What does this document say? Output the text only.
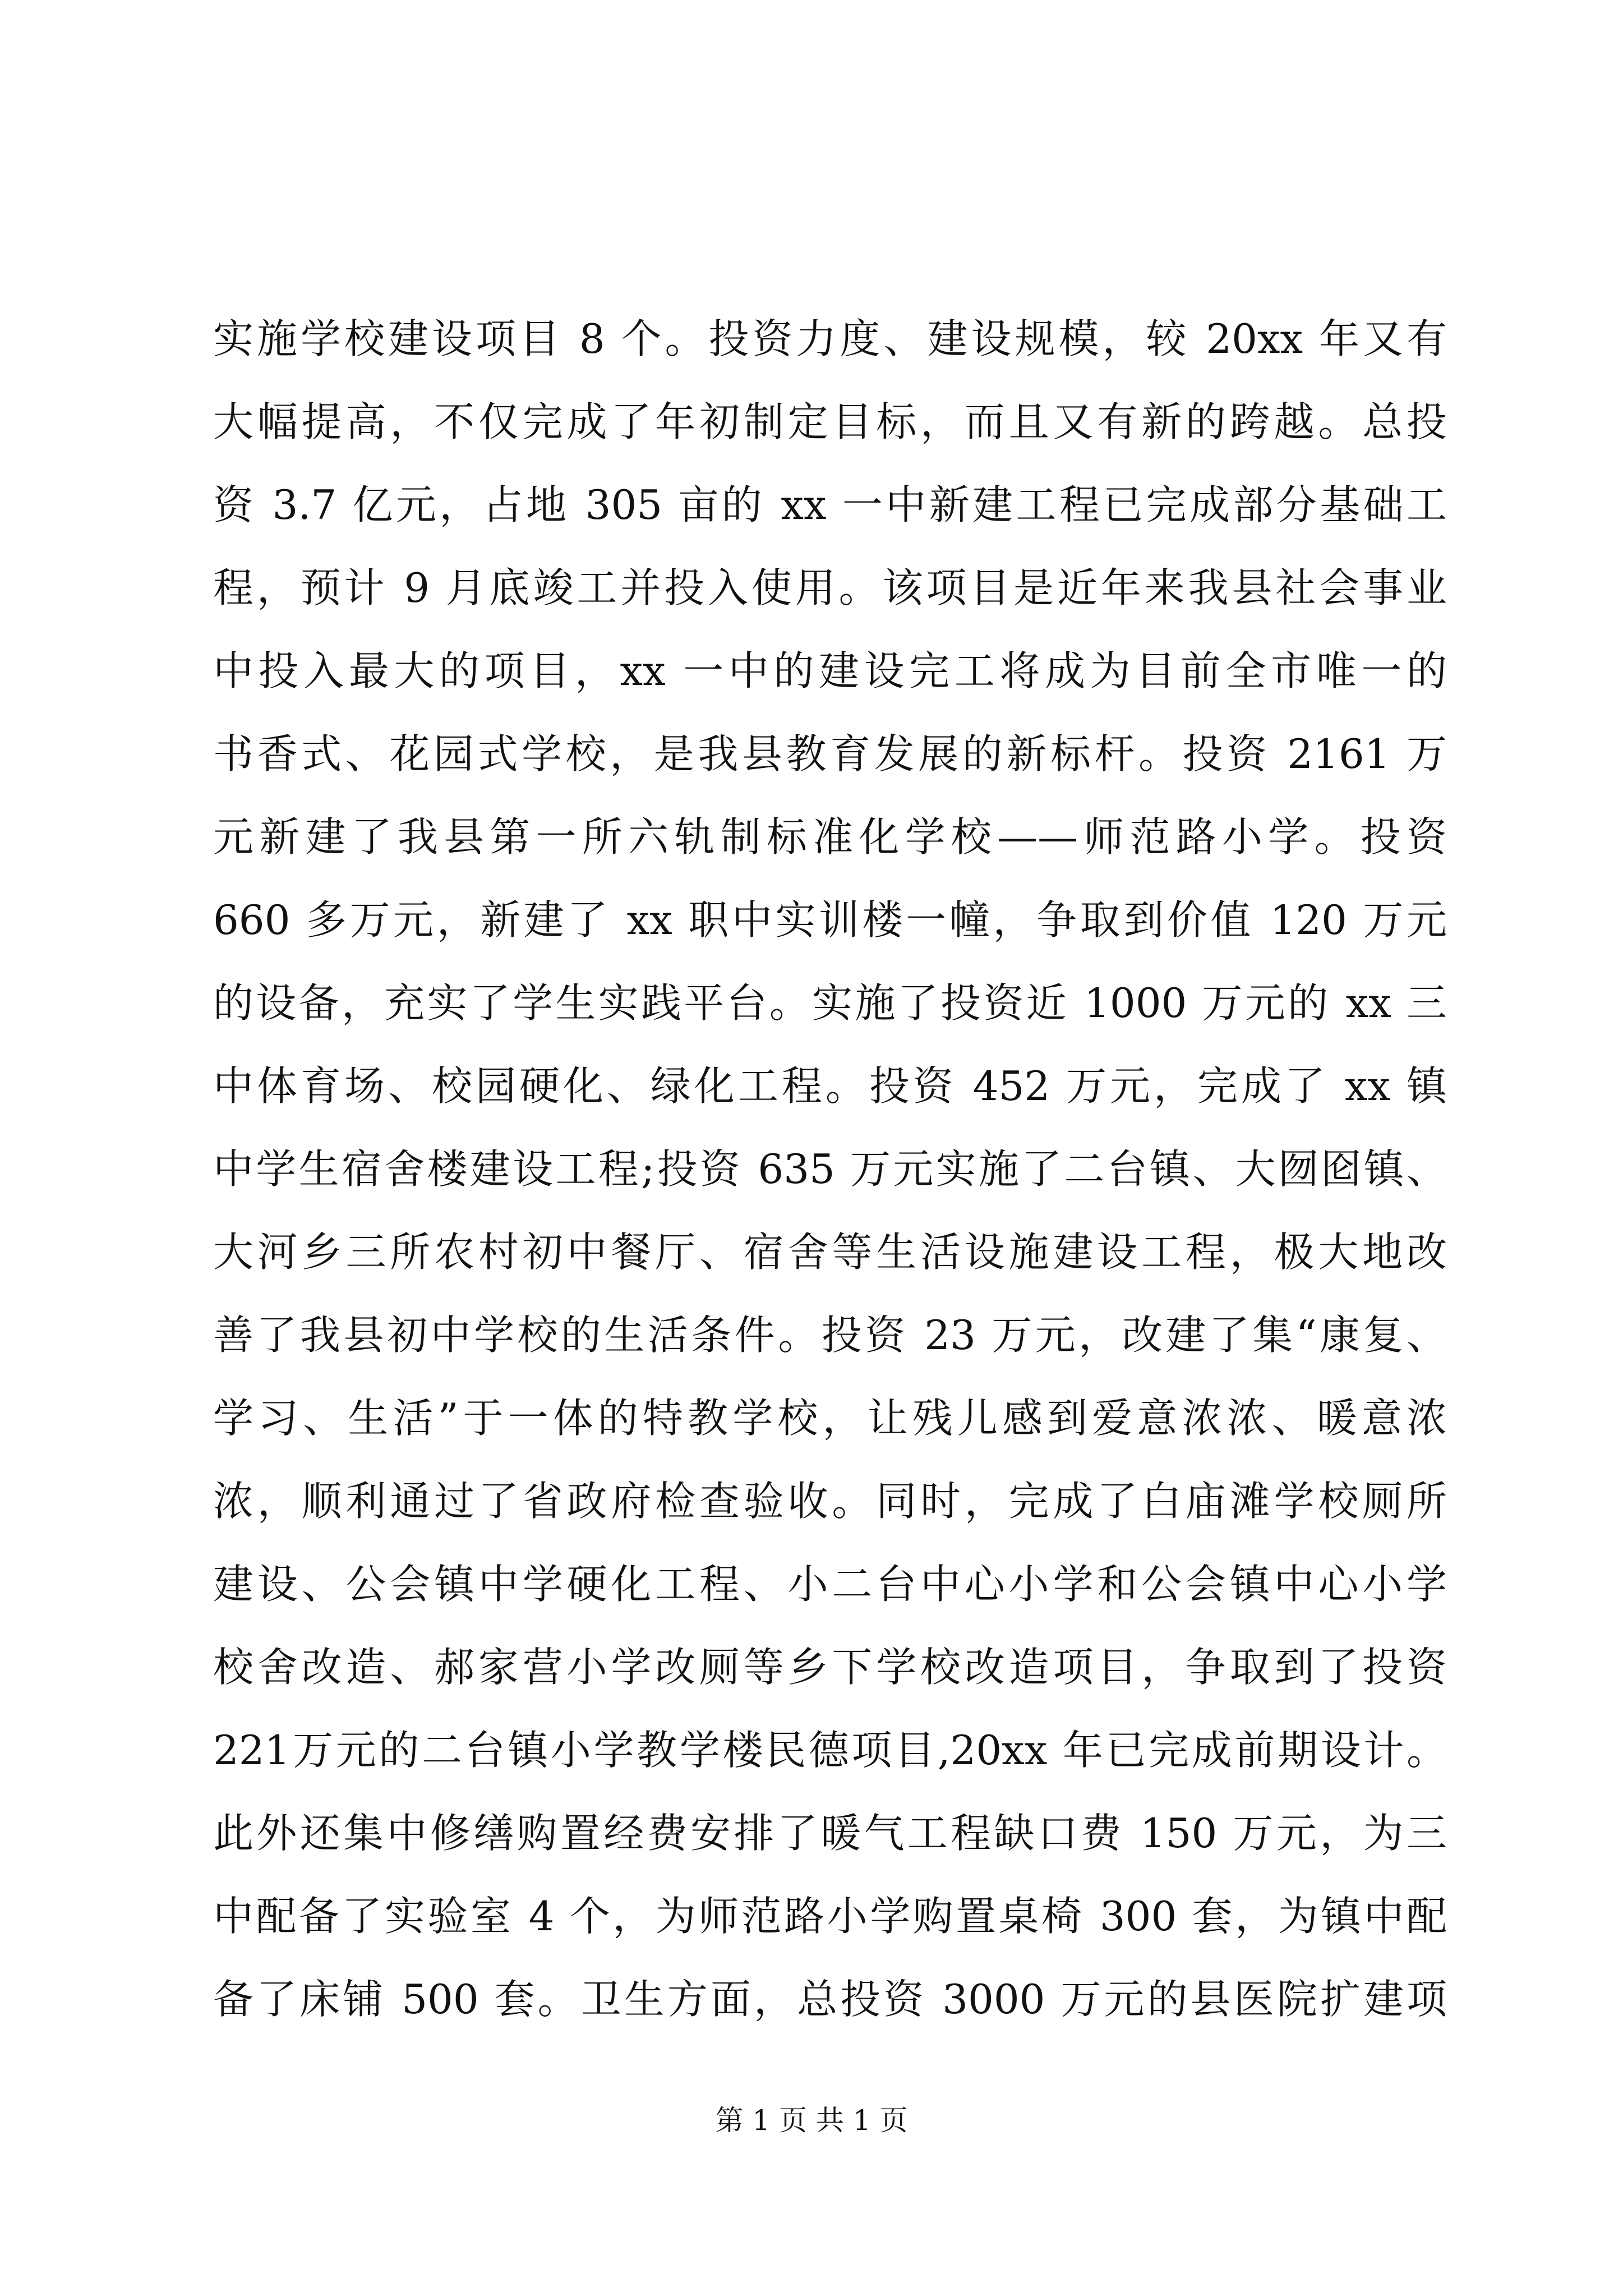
实施学校建设项目 8 个。投资力度、建设规模，较 20xx 年又有
大幅提高，不仅完成了年初制定目标，而且又有新的跨越。总投
资 3.7 亿元，占地 305 亩的 xx 一中新建工程已完成部分基础工
程，预计 9 月底竣工并投入使用。该项目是近年来我县社会事业
中投入最大的项目，xx 一中的建设完工将成为目前全市唯一的
书香式、花园式学校，是我县教育发展的新标杆。投资 2161 万
元新建了我县第一所六轨制标准化学校——师范路小学。投资
660 多万元，新建了 xx 职中实训楼一幢，争取到价值 120 万元
的设备，充实了学生实践平台。实施了投资近 1000 万元的 xx 三
中体育场、校园硬化、绿化工程。投资 452 万元，完成了 xx 镇
中学生宿舍楼建设工程;投资 635 万元实施了二台镇、大囫囵镇、
大河乡三所农村初中餐厅、宿舍等生活设施建设工程，极大地改
善了我县初中学校的生活条件。投资 23 万元，改建了集“康复、
学习、生活”于一体的特教学校，让残儿感到爱意浓浓、暖意浓
浓，顺利通过了省政府检查验收。同时，完成了白庙滩学校厕所
建设、公会镇中学硬化工程、小二台中心小学和公会镇中心小学
校舍改造、郝家营小学改厕等乡下学校改造项目，争取到了投资
221万元的二台镇小学教学楼民德项目,20xx 年已完成前期设计。
此外还集中修缮购置经费安排了暖气工程缺口费 150 万元，为三
中配备了实验室 4 个，为师范路小学购置桌椅 300 套，为镇中配
备了床铺 500 套。卫生方面，总投资 3000 万元的县医院扩建项
第 1 页 共 1 页
